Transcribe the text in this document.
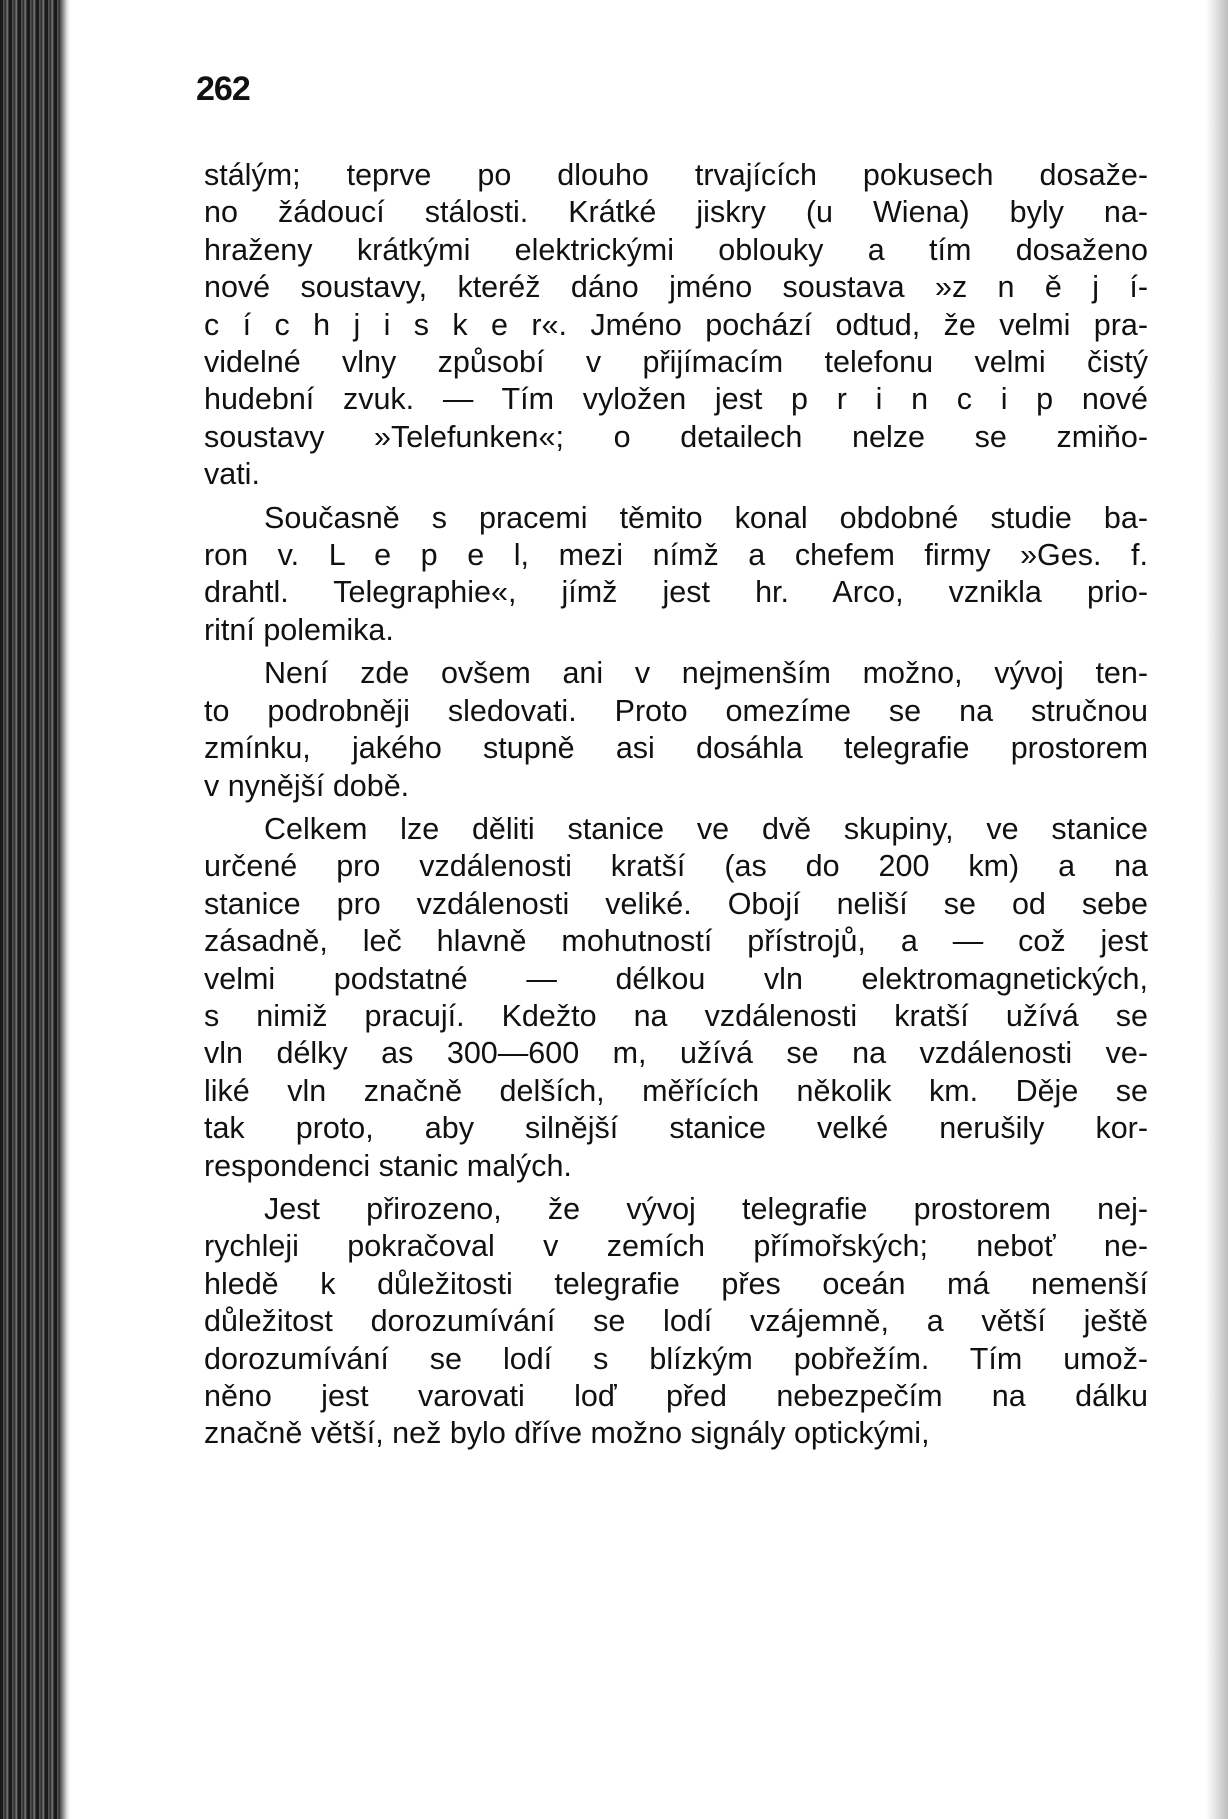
262
stálým; teprve po dlouho trvajících pokusech dosaže-
no žádoucí stálosti. Krátké jiskry (u Wiena) byly na-
hraženy krátkými elektrickými oblouky a tím dosaženo
nové soustavy, kteréž dáno jméno soustava »z n ě j í-
c í c h j i s k e r«. Jméno pochází odtud, že velmi pra-
videlné vlny způsobí v přijímacím telefonu velmi čistý
hudební zvuk. — Tím vyložen jest p r i n c i p nové
soustavy »Telefunken«; o detailech nelze se zmiňo-
vati.
Současně s pracemi těmito konal obdobné studie ba-
ron v. L e p e l, mezi nímž a chefem firmy »Ges. f.
drahtl. Telegraphie«, jímž jest hr. Arco, vznikla prio-
ritní polemika.
Není zde ovšem ani v nejmenším možno, vývoj ten-
to podrobněji sledovati. Proto omezíme se na stručnou
zmínku, jakého stupně asi dosáhla telegrafie prostorem
v nynější době.
Celkem lze děliti stanice ve dvě skupiny, ve stanice
určené pro vzdálenosti kratší (as do 200 km) a na
stanice pro vzdálenosti veliké. Obojí neliší se od sebe
zásadně, leč hlavně mohutností přístrojů, a — což jest
velmi podstatné — délkou vln elektromagnetických,
s nimiž pracují. Kdežto na vzdálenosti kratší užívá se
vln délky as 300—600 m, užívá se na vzdálenosti ve-
liké vln značně delších, měřících několik km. Děje se
tak proto, aby silnější stanice velké nerušily kor-
respondenci stanic malých.
Jest přirozeno, že vývoj telegrafie prostorem nej-
rychleji pokračoval v zemích přímořských; neboť ne-
hledě k důležitosti telegrafie přes oceán má nemenší
důležitost dorozumívání se lodí vzájemně, a větší ještě
dorozumívání se lodí s blízkým pobřežím. Tím umož-
něno jest varovati loď před nebezpečím na dálku
značně větší, než bylo dříve možno signály optickými,
